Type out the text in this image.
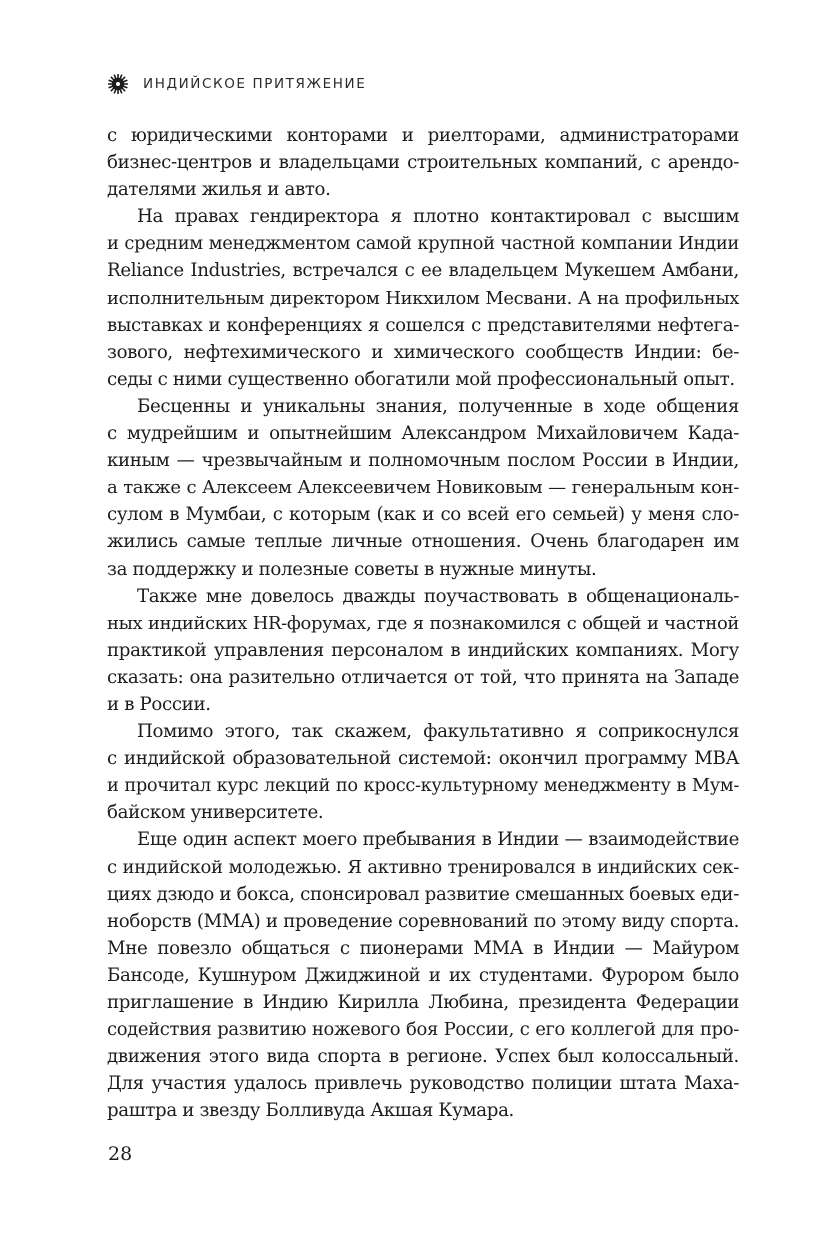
ИНДИЙСКОЕ ПРИТЯЖЕНИЕ
с юридическими конторами и риелторами, администраторами
бизнес-центров и владельцами строительных компаний, с арендо-
дателями жилья и авто.
На правах гендиректора я плотно контактировал с высшим
и средним менеджментом самой крупной частной компании Индии
Reliance Industries, встречался с ее владельцем Мукешем Амбани,
исполнительным директором Никхилом Месвани. А на профильных
выставках и конференциях я сошелся с представителями нефтега-
зового, нефтехимического и химического сообществ Индии: бе-
седы с ними существенно обогатили мой профессиональный опыт.
Бесценны и уникальны знания, полученные в ходе общения
с мудрейшим и опытнейшим Александром Михайловичем Када-
киным — чрезвычайным и полномочным послом России в Индии,
а также с Алексеем Алексеевичем Новиковым — генеральным кон-
сулом в Мумбаи, с которым (как и со всей его семьей) у меня сло-
жились самые теплые личные отношения. Очень благодарен им
за поддержку и полезные советы в нужные минуты.
Также мне довелось дважды поучаствовать в общенациональ-
ных индийских HR-форумах, где я познакомился с общей и частной
практикой управления персоналом в индийских компаниях. Могу
сказать: она разительно отличается от той, что принята на Западе
и в России.
Помимо этого, так скажем, факультативно я соприкоснулся
с индийской образовательной системой: окончил программу МВА
и прочитал курс лекций по кросс-культурному менеджменту в Мум-
байском университете.
Еще один аспект моего пребывания в Индии — взаимодействие
с индийской молодежью. Я активно тренировался в индийских сек-
циях дзюдо и бокса, спонсировал развитие смешанных боевых еди-
ноборств (ММА) и проведение соревнований по этому виду спорта.
Мне повезло общаться с пионерами ММА в Индии — Майуром
Бансоде, Кушнуром Джиджиной и их студентами. Фурором было
приглашение в Индию Кирилла Любина, президента Федерации
содействия развитию ножевого боя России, с его коллегой для про-
движения этого вида спорта в регионе. Успех был колоссальный.
Для участия удалось привлечь руководство полиции штата Маха-
раштра и звезду Болливуда Акшая Кумара.
28
